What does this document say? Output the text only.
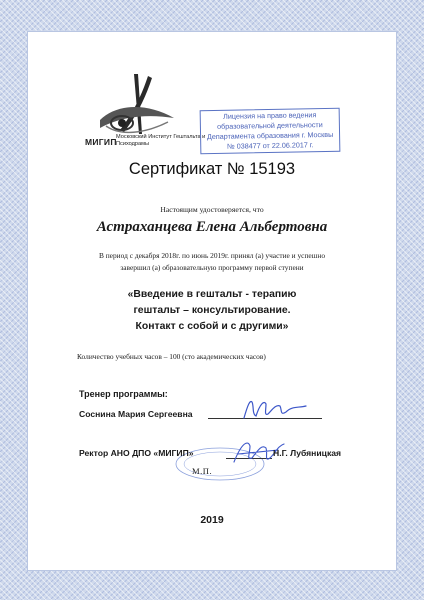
МИГИП Московский Институт Гештальта и Психодрамы
Лицензия на право ведения
образовательной деятельности
Департамента образования г. Москвы
№ 038477 от 22.06.2017 г.
Сертификат № 15193
Настоящим удостоверяется, что
Астраханцева Елена Альбертовна
В период с декабря 2018г. по июнь 2019г. принял (а) участие и успешно
завершил (а) образовательную программу первой ступени
«Введение в гештальт - терапию
гештальт – консультирование.
Контакт с собой и с другими»
Количество учебных часов – 100 (сто академических часов)
Тренер программы:
Соснина Мария Сергеевна
Ректор АНО ДПО «МИГИП»	Н.Г. Лубяницкая
М.П.
2019
